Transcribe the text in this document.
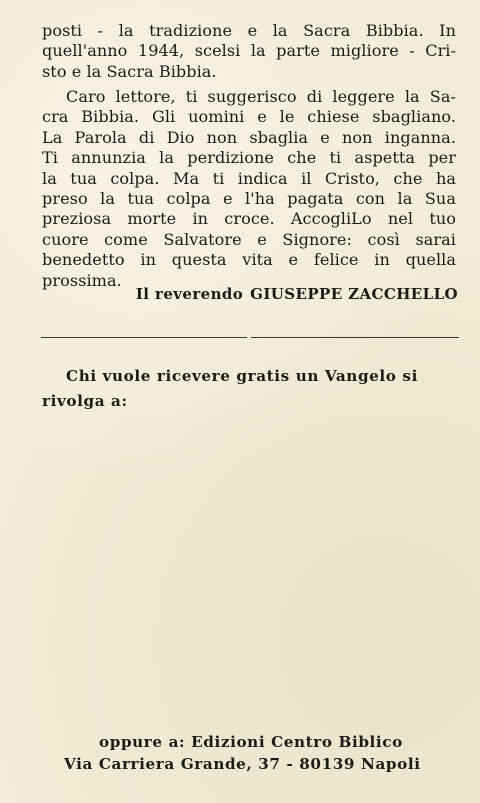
posti - la tradizione e la Sacra Bibbia. In
quell'anno 1944, scelsi la parte migliore - Cri-
sto e la Sacra Bibbia.

Caro lettore, ti suggerisco di leggere la Sa-
cra Bibbia. Gli uomini e le chiese sbagliano.
La Parola di Dio non sbaglia e non inganna.
Ti annunzia la perdizione che ti aspetta per
la tua colpa. Ma ti indica il Cristo, che ha
preso la tua colpa e l'ha pagata con la Sua
preziosa morte in croce. AccogliLo nel tuo
cuore come Salvatore e Signore: così sarai
benedetto in questa vita e felice in quella
prossima.

Il reverendo GIUSEPPE ZACCHELLO
Chi vuole ricevere gratis un Vangelo si
rivolga a:
oppure a: Edizioni Centro Biblico
Via Carriera Grande, 37 - 80139 Napoli
